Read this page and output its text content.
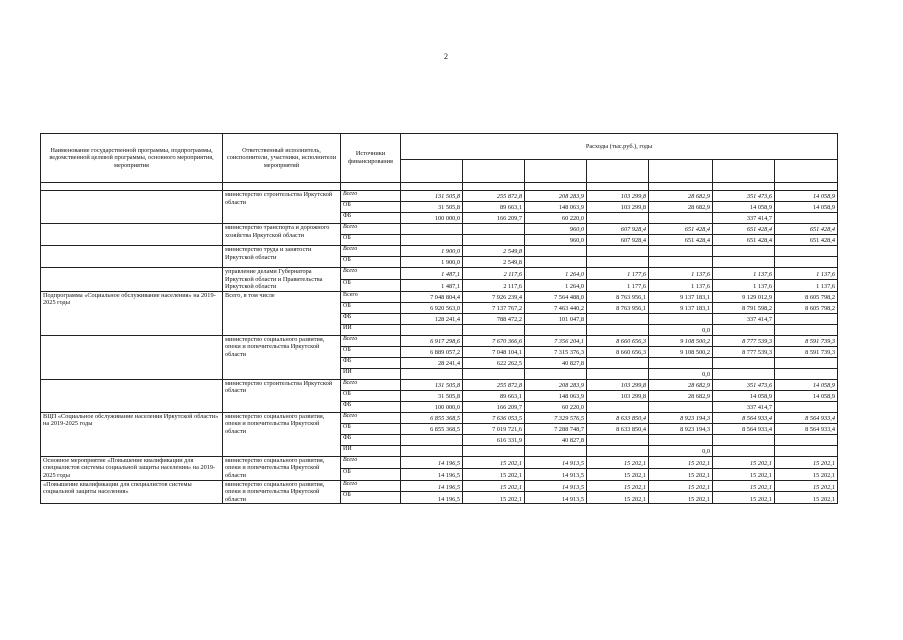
2
Наименование государственной программы, подпрограммы, ведомственной целевой программы, основного мероприятия, мероприятия	Ответственный исполнитель, соисполнители, участники, исполнители мероприятий	Источники финансирования	Расходы (тыс.руб.), годы						

	министерство строительства Иркутской области	Всего	131 505,8	255 872,8	208 283,9	103 299,8	28 682,9	351 473,6	14 058,9
		ОБ	31 505,8	89 663,1	148 063,9	103 299,8	28 682,9	14 058,9	14 058,9
		ФБ	100 000,0	166 209,7	60 220,0			337 414,7	
	министерство транспорта и дорожного хозяйства Иркутской области	Всего			960,0	607 928,4	651 428,4	651 428,4	651 428,4
		ОБ			960,0	607 928,4	651 428,4	651 428,4	651 428,4
	министерство труда и занятости Иркутской области	Всего	1 900,0	2 549,8					
		ОБ	1 900,0	2 549,8					
	управление делами Губернатора Иркутской области и Правительства Иркутской области	Всего	1 487,1	2 117,6	1 264,0	1 177,6	1 137,6	1 137,6	1 137,6
		ОБ	1 487,1	2 117,6	1 264,0	1 177,6	1 137,6	1 137,6	1 137,6
Подпрограмма «Социальное обслуживание населения» на 2019-2025 годы	Всего, в том числе	Всего	7 048 804,4	7 926 239,4	7 564 488,0	8 763 956,1	9 137 183,1	9 129 012,9	8 605 798,2
		ОБ	6 920 563,0	7 137 767,2	7 463 440,2	8 763 956,1	9 137 183,1	8 791 598,2	8 605 798,2
		ФБ	128 241,4	788 472,2	101 047,8			337 414,7	
		ИИ					0,0		
	министерство социального развития, опеки и попечительства Иркутской области	Всего	6 917 298,6	7 670 366,6	7 356 204,1	8 660 656,3	9 108 500,2	8 777 539,3	8 591 739,3
		ОБ	6 889 057,2	7 048 104,1	7 315 376,3	8 660 656,3	9 108 500,2	8 777 539,3	8 591 739,3
		ФБ	28 241,4	622 262,5	40 827,8				
		ИИ					0,0		
	министерство строительства Иркутской области	Всего	131 505,8	255 872,8	208 283,9	103 299,8	28 682,9	351 473,6	14 058,9
		ОБ	31 505,8	89 663,1	148 063,9	103 299,8	28 682,9	14 058,9	14 058,9
		ФБ	100 000,0	166 209,7	60 220,0			337 414,7	
ВЦП «Социальное обслуживание населения Иркутской области» на 2019-2025 годы	министерство социального развития, опеки и попечительства Иркутской области	Всего	6 855 368,5	7 636 053,5	7 329 576,5	8 633 850,4	8 923 194,3	8 564 933,4	8 564 933,4
		ОБ	6 855 368,5	7 019 721,6	7 288 748,7	8 633 850,4	8 923 194,3	8 564 933,4	8 564 933,4
		ФБ		616 331,9	40 827,8				
		ИИ					0,0		
Основное мероприятие «Повышение квалификации для специалистов системы социальной защиты населения» на 2019-2025 годы	министерство социального развития, опеки и попечительства Иркутской области	Всего	14 196,5	15 202,1	14 913,5	15 202,1	15 202,1	15 202,1	15 202,1
		ОБ	14 196,5	15 202,1	14 913,5	15 202,1	15 202,1	15 202,1	15 202,1
«Повышение квалификации для специалистов системы социальной защиты населения»	министерство социального развития, опеки и попечительства Иркутской области	Всего	14 196,5	15 202,1	14 913,5	15 202,1	15 202,1	15 202,1	15 202,1
		ОБ	14 196,5	15 202,1	14 913,5	15 202,1	15 202,1	15 202,1	15 202,1
